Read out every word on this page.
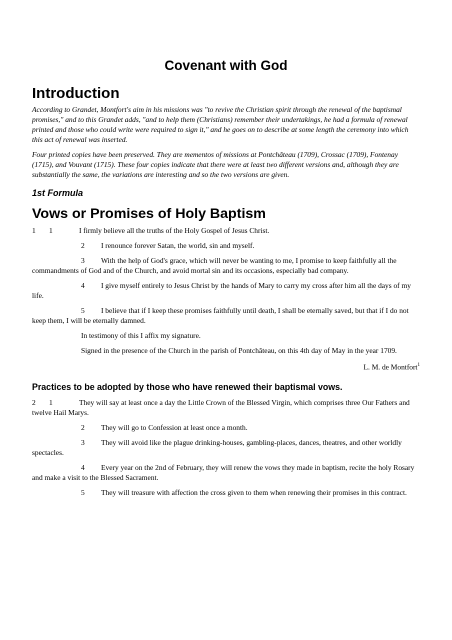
Covenant with God
Introduction

According to Grandet, Montfort's aim in his missions was "to revive the Christian spirit through the renewal of the baptismal promises," and to this Grandet adds, "and to help them (Christians) remember their undertakings, he had a formula of renewal printed and those who could write were required to sign it," and he goes on to describe at some length the ceremony into which this act of renewal was inserted.

Four printed copies have been preserved. They are mementos of missions at Pontchâteau (1709), Crossac (1709), Fontenay (1715), and Vouvant (1715). These four copies indicate that there were at least two different versions and, although they are substantially the same, the variations are interesting and so the two versions are given.

1st Formula
Vows or Promises of Holy Baptism
1 1	I firmly believe all the truths of the Holy Gospel of Jesus Christ.
2 I renounce forever Satan, the world, sin and myself.
3 With the help of God's grace, which will never be wanting to me, I promise to keep faithfully all the commandments of God and of the Church, and avoid mortal sin and its occasions, especially bad company.
4 I give myself entirely to Jesus Christ by the hands of Mary to carry my cross after him all the days of my life.
5 I believe that if I keep these promises faithfully until death, I shall be eternally saved, but that if I do not keep them, I will be eternally damned.
In testimony of this I affix my signature.
Signed in the presence of the Church in the parish of Pontchâteau, on this 4th day of May in the year 1709.
L. M. de Montfort$^1$
Practices to be adopted by those who have renewed their baptismal vows.
2 1	They will say at least once a day the Little Crown of the Blessed Virgin, which comprises three Our Fathers and twelve Hail Marys.
2 They will go to Confession at least once a month.
3 They will avoid like the plague drinking-houses, gambling-places, dances, theatres, and other worldly spectacles.
4 Every year on the 2nd of February, they will renew the vows they made in baptism, recite the holy Rosary and make a visit to the Blessed Sacrament.
5 They will treasure with affection the cross given to them when renewing their promises in this contract.
